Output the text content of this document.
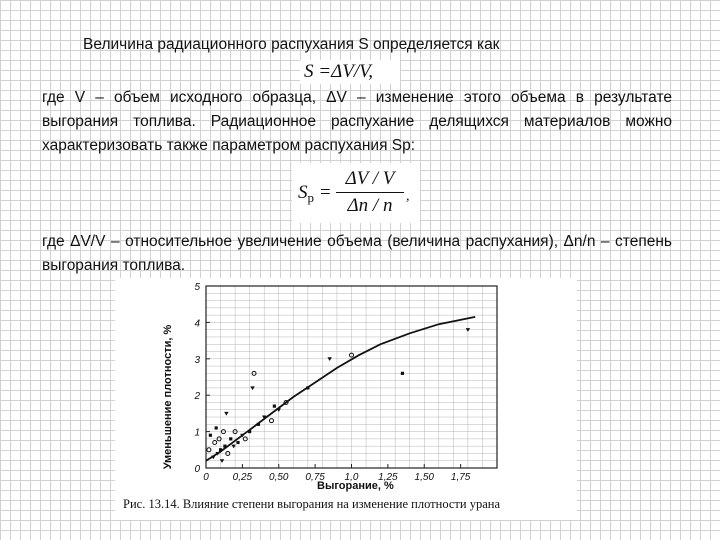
Величина радиационного распухания S определяется как
S =ΔV/V,
где V – объем исходного образца, ΔV – изменение этого объема в результате выгорания топлива. Радиационное распухание делящихся материалов можно характеризовать также параметром распухания Sp:
$S_p$ =
ΔV / V
Δn / n ,
где ΔV/V – относительное увеличение объема (величина распухания), Δn/n – степень выгорания топлива.
0 0,25 0,50 0,75 1,0 1,25 1,50 1,75
0
1
2
3
4
5
Уменьшение плотности, %
Выгорание, %
Рис. 13.14. Влияние степени выгорания на изменение плотности урана
